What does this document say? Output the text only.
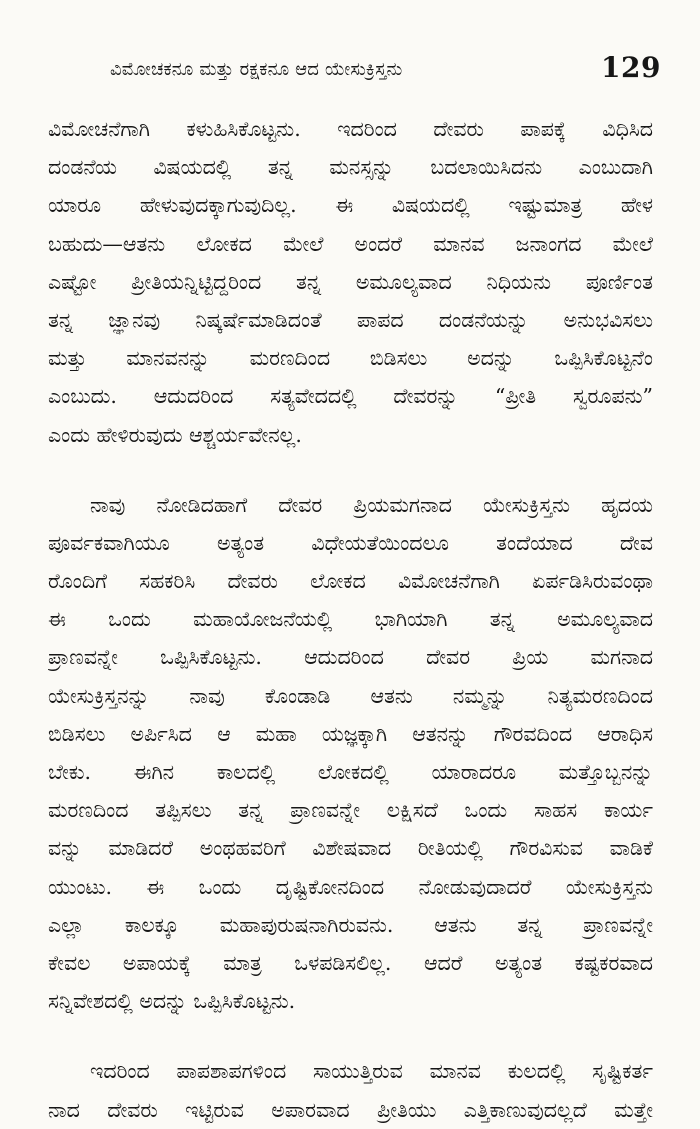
ವಿಮೋಚಕನೂ ಮತ್ತು ರಕ್ಷಕನೂ ಆದ ಯೇಸುಕ್ರಿಸ್ತನು	129
ವಿಮೋಚನೆಗಾಗಿ ಕಳುಹಿಸಿಕೊಟ್ಟನು. ಇದರಿಂದ ದೇವರು ಪಾಪಕ್ಕೆ ವಿಧಿಸಿದ
ದಂಡನೆಯ ವಿಷಯದಲ್ಲಿ ತನ್ನ ಮನಸ್ಸನ್ನು ಬದಲಾಯಿಸಿದನು ಎಂಬುದಾಗಿ
ಯಾರೂ ಹೇಳುವುದಕ್ಕಾಗುವುದಿಲ್ಲ. ಈ ವಿಷಯದಲ್ಲಿ ಇಷ್ಟುಮಾತ್ರ ಹೇಳ
ಬಹುದು—ಆತನು ಲೋಕದ ಮೇಲೆ ಅಂದರೆ ಮಾನವ ಜನಾಂಗದ ಮೇಲೆ
ಎಷ್ಟೋ ಪ್ರೀತಿಯನ್ನಿಟ್ಟಿದ್ದರಿಂದ ತನ್ನ ಅಮೂಲ್ಯವಾದ ನಿಧಿಯನು ಪೂರ್ಣಿಂತ
ತನ್ನ ಜ್ಞಾನವು ನಿಷ್ಕರ್ಷೆಮಾಡಿದಂತೆ ಪಾಪದ ದಂಡನೆಯನ್ನು ಅನುಭವಿಸಲು
ಮತ್ತು ಮಾನವನನ್ನು ಮರಣದಿಂದ ಬಿಡಿಸಲು ಅದನ್ನು ಒಪ್ಪಿಸಿಕೊಟ್ಟನೆಂ
ಎಂಬುದು. ಆದುದರಿಂದ ಸತ್ಯವೇದದಲ್ಲಿ ದೇವರನ್ನು “ಪ್ರೀತಿ ಸ್ವರೂಪನು”
ಎಂದು ಹೇಳಿರುವುದು ಆಶ್ಚರ್ಯವೇನಲ್ಲ.
ನಾವು ನೋಡಿದಹಾಗೆ ದೇವರ ಪ್ರಿಯಮಗನಾದ ಯೇಸುಕ್ರಿಸ್ತನು ಹೃದಯ
ಪೂರ್ವಕವಾಗಿಯೂ ಅತ್ಯಂತ ವಿಧೇಯತೆಯಿಂದಲೂ ತಂದೆಯಾದ ದೇವ
ರೊಂದಿಗೆ ಸಹಕರಿಸಿ ದೇವರು ಲೋಕದ ವಿಮೋಚನೆಗಾಗಿ ಏರ್ಪಡಿಸಿರುವಂಥಾ
ಈ ಒಂದು ಮಹಾಯೋಜನೆಯಲ್ಲಿ ಭಾಗಿಯಾಗಿ ತನ್ನ ಅಮೂಲ್ಯವಾದ
ಪ್ರಾಣವನ್ನೇ ಒಪ್ಪಿಸಿಕೊಟ್ಟನು. ಆದುದರಿಂದ ದೇವರ ಪ್ರಿಯ ಮಗನಾದ
ಯೇಸುಕ್ರಿಸ್ತನನ್ನು ನಾವು ಕೊಂಡಾಡಿ ಆತನು ನಮ್ಮನ್ನು ನಿತ್ಯಮರಣದಿಂದ
ಬಿಡಿಸಲು ಅರ್ಪಿಸಿದ ಆ ಮಹಾ ಯಜ್ಞಕ್ಕಾಗಿ ಆತನನ್ನು ಗೌರವದಿಂದ ಆರಾಧಿಸ
ಬೇಕು. ಈಗಿನ ಕಾಲದಲ್ಲಿ ಲೋಕದಲ್ಲಿ ಯಾರಾದರೂ ಮತ್ತೊಬ್ಬನನ್ನು
ಮರಣದಿಂದ ತಪ್ಪಿಸಲು ತನ್ನ ಪ್ರಾಣವನ್ನೇ ಲಕ್ಷಿಸದೆ ಒಂದು ಸಾಹಸ ಕಾರ್ಯ
ವನ್ನು ಮಾಡಿದರೆ ಅಂಥಹವರಿಗೆ ವಿಶೇಷವಾದ ರೀತಿಯಲ್ಲಿ ಗೌರವಿಸುವ ವಾಡಿಕೆ
ಯುಂಟು. ಈ ಒಂದು ದೃಷ್ಟಿಕೋನದಿಂದ ನೋಡುವುದಾದರೆ ಯೇಸುಕ್ರಿಸ್ತನು
ಎಲ್ಲಾ ಕಾಲಕ್ಕೂ ಮಹಾಪುರುಷನಾಗಿರುವನು. ಆತನು ತನ್ನ ಪ್ರಾಣವನ್ನೇ
ಕೇವಲ ಅಪಾಯಕ್ಕೆ ಮಾತ್ರ ಒಳಪಡಿಸಲಿಲ್ಲ. ಆದರೆ ಅತ್ಯಂತ ಕಷ್ಟಕರವಾದ
ಸನ್ನಿವೇಶದಲ್ಲಿ ಅದನ್ನು ಒಪ್ಪಿಸಿಕೊಟ್ಟನು.
ಇದರಿಂದ ಪಾಪಶಾಪಗಳಿಂದ ಸಾಯುತ್ತಿರುವ ಮಾನವ ಕುಲದಲ್ಲಿ ಸೃಷ್ಟಿಕರ್ತ
ನಾದ ದೇವರು ಇಟ್ಟಿರುವ ಅಪಾರವಾದ ಪ್ರೀತಿಯು ಎತ್ತಿಕಾಣುವುದಲ್ಲದೆ ಮತ್ತೇ
